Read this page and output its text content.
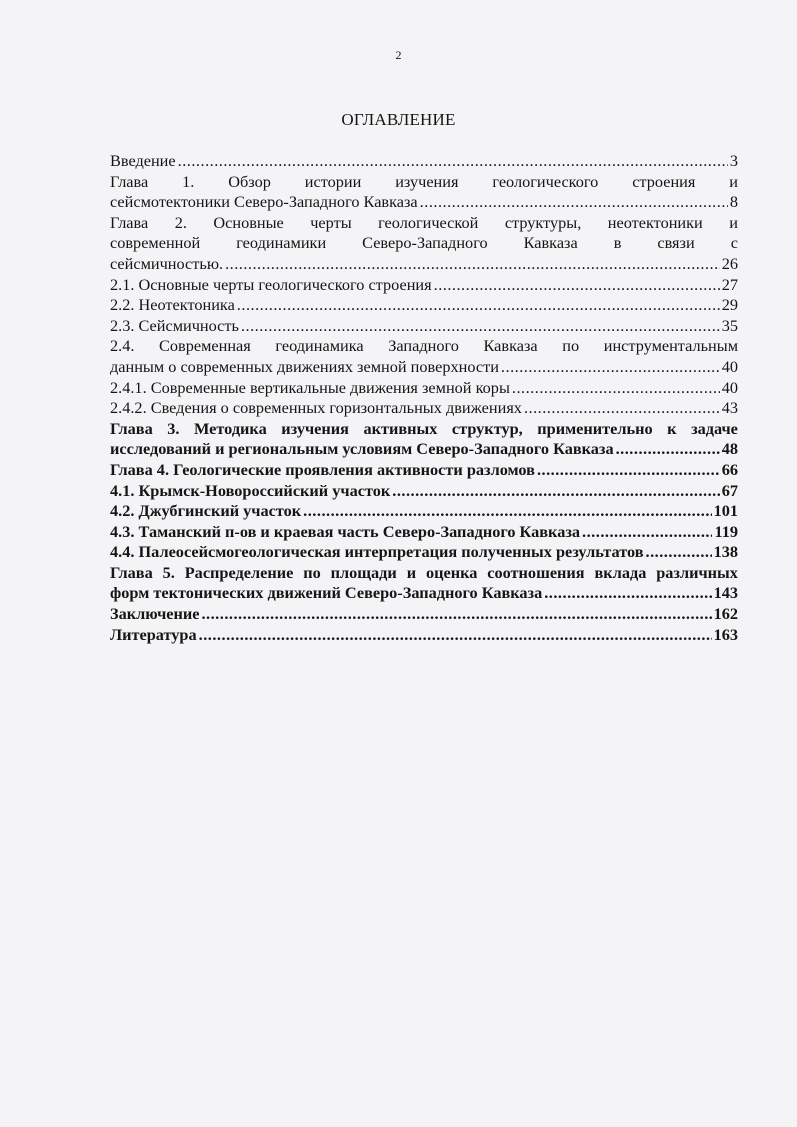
2
ОГЛАВЛЕНИЕ
Введение .....	3
Глава 1. Обзор истории изучения геологического строения и
сейсмотектоники Северо-Западного Кавказа .....	8
Глава 2. Основные черты геологической структуры, неотектоники и
современной геодинамики Северо-Западного Кавказа в связи с
сейсмичностью. .....	26
2.1. Основные черты геологического строения .....	27
2.2. Неотектоника .....	29
2.3. Сейсмичность .....	35
2.4. Современная геодинамика Западного Кавказа по инструментальным
данным о современных движениях земной поверхности .....	40
2.4.1. Современные вертикальные движения земной коры .....	40
2.4.2. Сведения о современных горизонтальных движениях .....	43
Глава 3. Методика изучения активных структур, применительно к задаче
исследований и региональным условиям Северо-Западного Кавказа .....	48
Глава 4. Геологические проявления активности разломов .....	66
4.1. Крымск-Новороссийский участок .....	67
4.2. Джубгинский участок .....	101
4.3. Таманский п-ов и краевая часть Северо-Западного Кавказа .....	119
4.4. Палеосейсмогеологическая интерпретация полученных результатов .....	138
Глава 5. Распределение по площади и оценка соотношения вклада различных
форм тектонических движений Северо-Западного Кавказа .....	143
Заключение .....	162
Литература .....	163
